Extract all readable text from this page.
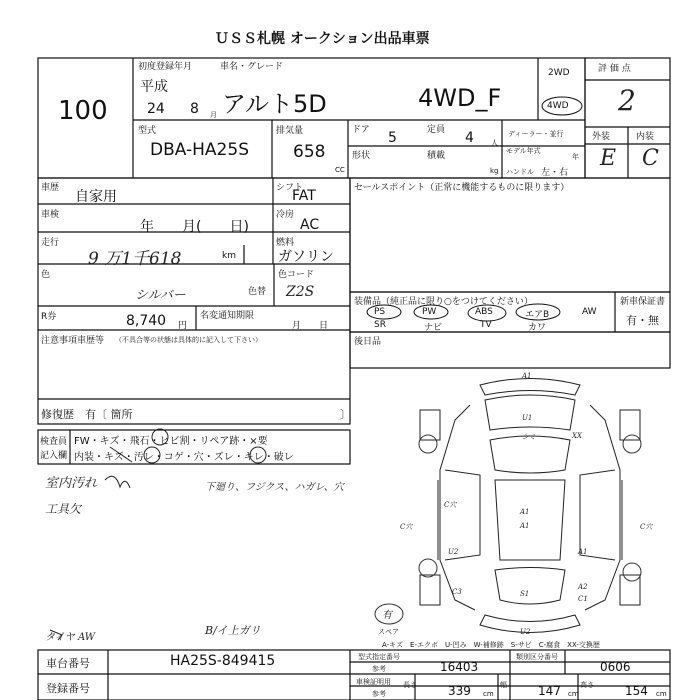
ＵＳＳ札幌 オークション出品車票
100
初度登録年月	車名・グレード
平成
24 8 月 アルト5D	4WD_F
2WD
4WD
評 価 点
2
外装	内装
E C
型式
DBA-HA25S
排気量
658
CC
ドア 5	定員 4 人
形状	積載
kg
ディーラー・並行
モデル年式
年
ハンドル 左・右
車歴
自家用
車検
年　　月(　　日)
走行
9 万1千618	km
色
シルバー
色コード
色替 Z2S
R券	8,740 円
名変通知期限
月　　日
シフト
FAT
冷房
AC
燃料
ガソリン
セールスポイント（正常に機能するものに限ります）
装備品（純正品に限り○をつけてください）
PS	PW	ABS	エアB	AW
SR	ナビ	TV	カワ
新車保証書
有・無
後日品
注意事項車歴等 （不具合等の状態は具体的に記入して下さい）
修復歴　有〔 箇所	〕
検査員
記入欄
FW・キズ・飛石・ヒビ割・リペア跡・×要
内装・キズ・汚レ・コゲ・穴・ズレ・キレ・破レ
室内汚れ
工具欠
下廻り、フジクス、ハガレ、穴
タイヤ AW
B/イ上ガリ
有
スペア
A1
U1
シミ	XX
C穴
C穴
A1
A1
U2	A1
A2
C1
C穴
C3	S1
U2
A-キズ　E-エクボ　U-凹み　W-補修跡　S-サビ　C-腐食　XX-交換歴
車台番号	HA25S-849415
登録番号
型式指定番号
参考	16403
類別区分番号
0606
車検証明用
参考
長さ	339 cm
幅	147 cm
高さ	154 cm
